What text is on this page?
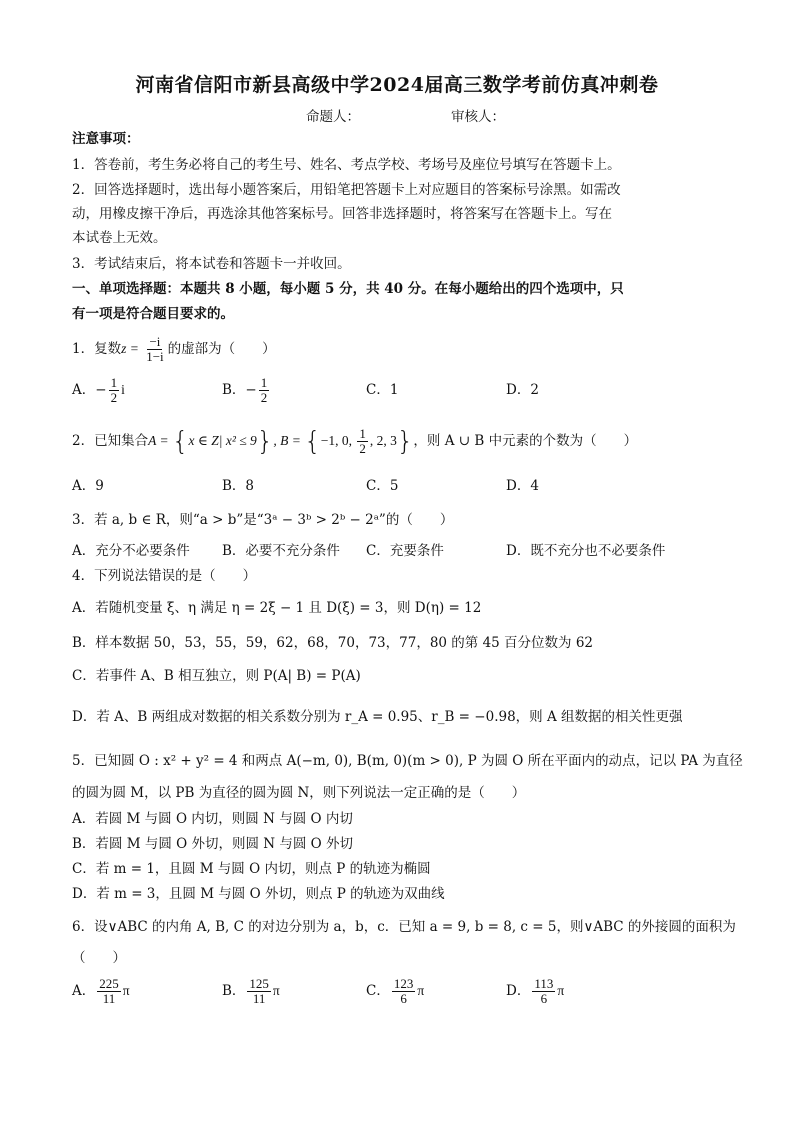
河南省信阳市新县高级中学2024届高三数学考前仿真冲刺卷
命题人：	审核人：
注意事项：
1．答卷前，考生务必将自己的考生号、姓名、考点学校、考场号及座位号填写在答题卡上。
2．回答选择题时，选出每小题答案后，用铅笔把答题卡上对应题目的答案标号涂黑。如需改
动，用橡皮擦干净后，再选涂其他答案标号。回答非选择题时，将答案写在答题卡上。写在
本试卷上无效。
3．考试结束后，将本试卷和答题卡一并收回。
一、单项选择题：本题共 8 小题，每小题 5 分，共 40 分。在每小题给出的四个选项中，只
有一项是符合题目要求的。
1．复数$z = \frac{-i}{1-i}$ 的虚部为（　　）
A．− $\frac{1}{2}$ i	B．− $\frac{1}{2}$	C．1	D．2
2．已知集合A = {x ∈ Z| x² ≤ 9}, B = {−1, 0, $\frac{1}{2}$ , 2, 3}，则 A ∪ B 中元素的个数为（　　）
A．9	B．8	C．5	D．4
3．若 a, b ∈ R，则“a > b”是“3ᵃ − 3ᵇ > 2ᵇ − 2ᵃ”的（　　）
A．充分不必要条件 B．必要不充分条件 C．充要条件	D．既不充分也不必要条件
4．下列说法错误的是（　　）
A．若随机变量 ξ、η 满足 η = 2ξ − 1 且 D(ξ) = 3，则 D(η) = 12
B．样本数据 50，53，55，59，62，68，70，73，77，80 的第 45 百分位数为 62
C．若事件 A、B 相互独立，则 P(A| B) = P(A)
D．若 A、B 两组成对数据的相关系数分别为 r_A = 0.95、r_B = −0.98，则 A 组数据的相关性更强
5．已知圆 O : x² + y² = 4 和两点 A(−m, 0), B(m, 0)(m > 0), P 为圆 O 所在平面内的动点，记以 PA 为直径
的圆为圆 M，以 PB 为直径的圆为圆 N，则下列说法一定正确的是（　　）
A．若圆 M 与圆 O 内切，则圆 N 与圆 O 内切
B．若圆 M 与圆 O 外切，则圆 N 与圆 O 外切
C．若 m = 1，且圆 M 与圆 O 内切，则点 P 的轨迹为椭圆
D．若 m = 3，且圆 M 与圆 O 外切，则点 P 的轨迹为双曲线
6．设∨ABC 的内角 A, B, C 的对边分别为 a，b，c．已知 a = 9, b = 8, c = 5，则∨ABC 的外接圆的面积为
（　　）
A． $\frac{225}{11}$ π	B． $\frac{125}{11}$ π	C． $\frac{123}{6}$ π	D． $\frac{113}{6}$ π
